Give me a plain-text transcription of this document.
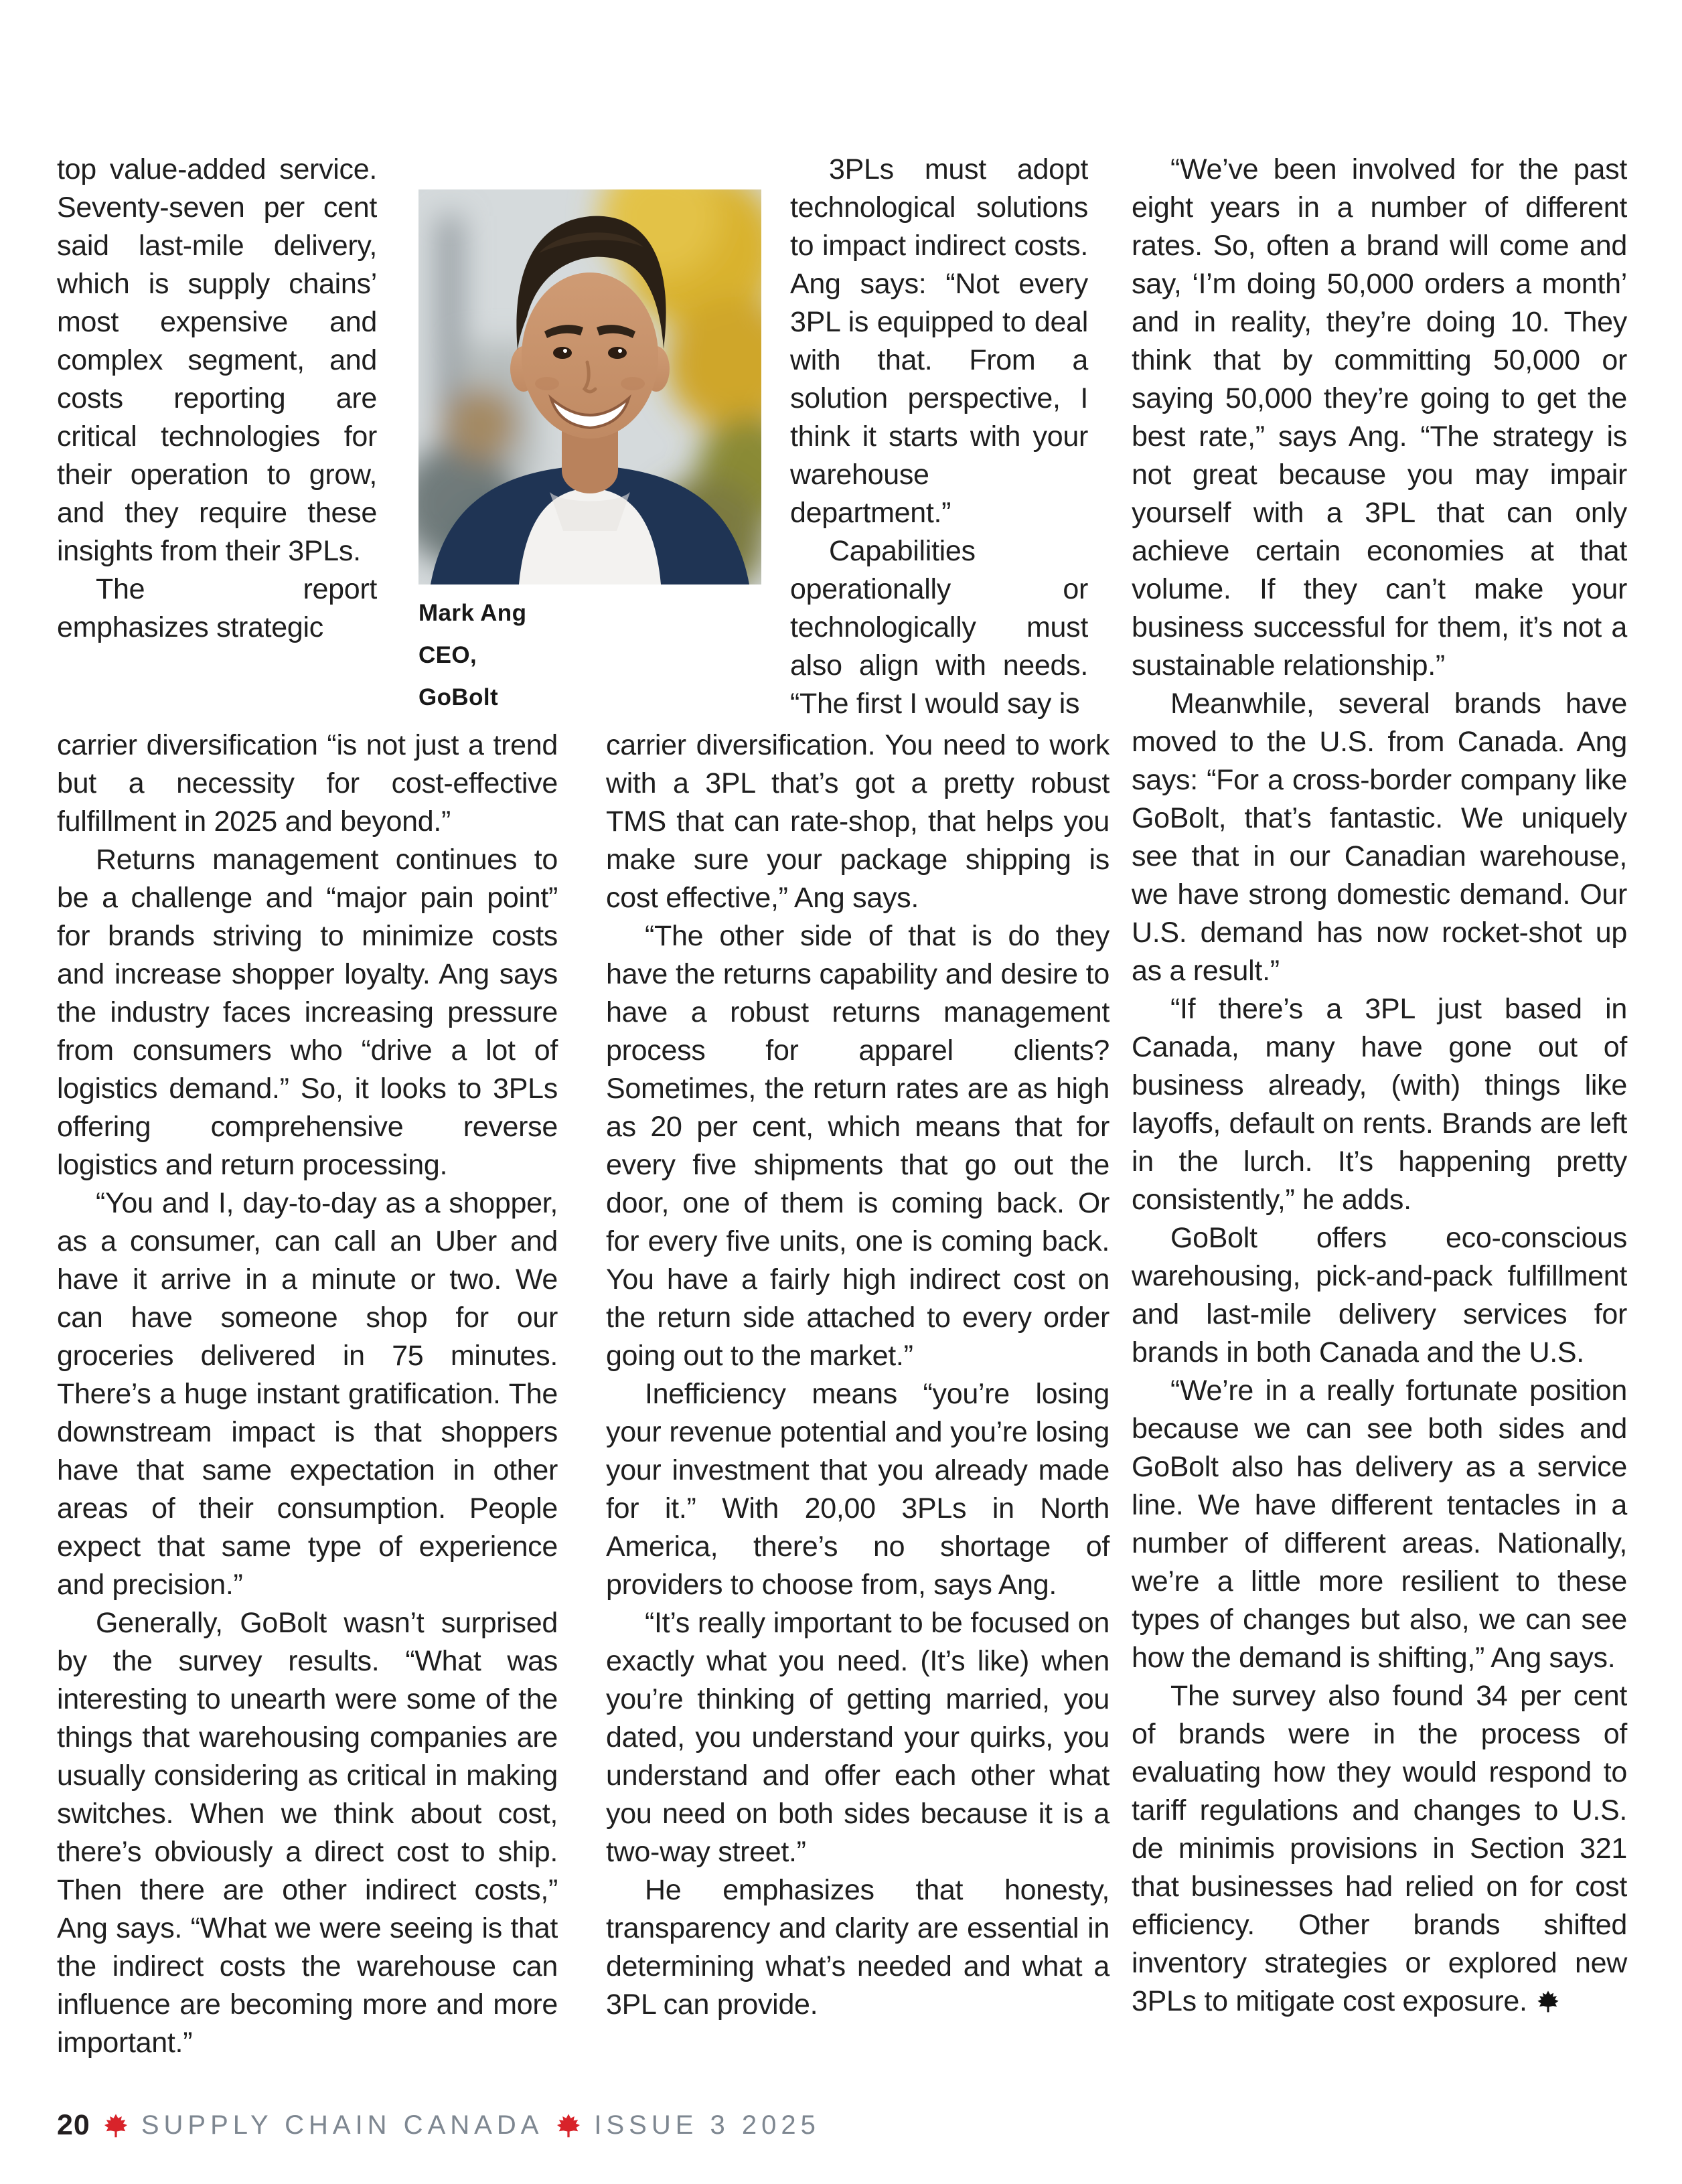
top value-added service. Seventy-seven per cent said last-mile delivery, which is supply chains’ most expensive and complex segment, and costs reporting are critical technologies for their operation to grow, and they require these insights from their 3PLs.

The report emphasizes strategic	Mark Ang
CEO,
GoBolt

3PLs must adopt technological solutions to impact indirect costs. Ang says: “Not every 3PL is equipped to deal with that. From a solution perspective, I think it starts with your warehouse department.”

Capabilities operationally or technologically must also align with needs. “The first I would say is

carrier diversification “is not just a trend but a necessity for cost-effective fulfillment in 2025 and beyond.”

Returns management continues to be a challenge and “major pain point” for brands striving to minimize costs and increase shopper loyalty. Ang says the industry faces increasing pressure from consumers who “drive a lot of logistics demand.” So, it looks to 3PLs offering comprehensive reverse logistics and return processing.

“You and I, day-to-day as a shopper, as a consumer, can call an Uber and have it arrive in a minute or two. We can have someone shop for our groceries delivered in 75 minutes. There’s a huge instant gratification. The downstream impact is that shoppers have that same expectation in other areas of their consumption. People expect that same type of experience and precision.”

Generally, GoBolt wasn’t surprised by the survey results. “What was interesting to unearth were some of the things that warehousing companies are usually considering as critical in making switches. When we think about cost, there’s obviously a direct cost to ship. Then there are other indirect costs,” Ang says. “What we were seeing is that the indirect costs the warehouse can influence are becoming more and more important.”

carrier diversification. You need to work with a 3PL that’s got a pretty robust TMS that can rate-shop, that helps you make sure your package shipping is cost effective,” Ang says.

“The other side of that is do they have the returns capability and desire to have a robust returns management process for apparel clients? Sometimes, the return rates are as high as 20 per cent, which means that for every five shipments that go out the door, one of them is coming back. Or for every five units, one is coming back. You have a fairly high indirect cost on the return side attached to every order going out to the market.”

Inefficiency means “you’re losing your revenue potential and you’re losing your investment that you already made for it.” With 20,00 3PLs in North America, there’s no shortage of providers to choose from, says Ang.

“It’s really important to be focused on exactly what you need. (It’s like) when you’re thinking of getting married, you dated, you understand your quirks, you understand and offer each other what you need on both sides because it is a two-way street.”

He emphasizes that honesty, transparency and clarity are essential in determining what’s needed and what a 3PL can provide.

“We’ve been involved for the past eight years in a number of different rates. So, often a brand will come and say, ‘I’m doing 50,000 orders a month’ and in reality, they’re doing 10. They think that by committing 50,000 or saying 50,000 they’re going to get the best rate,” says Ang. “The strategy is not great because you may impair yourself with a 3PL that can only achieve certain economies at that volume. If they can’t make your business successful for them, it’s not a sustainable relationship.”

Meanwhile, several brands have moved to the U.S. from Canada. Ang says: “For a cross-border company like GoBolt, that’s fantastic. We uniquely see that in our Canadian warehouse, we have strong domestic demand. Our U.S. demand has now rocket-shot up as a result.”

“If there’s a 3PL just based in Canada, many have gone out of business already, (with) things like layoffs, default on rents. Brands are left in the lurch. It’s happening pretty consistently,” he adds.

GoBolt offers eco-conscious warehousing, pick-and-pack fulfillment and last-mile delivery services for brands in both Canada and the U.S.

“We’re in a really fortunate position because we can see both sides and GoBolt also has delivery as a service line. We have different tentacles in a number of different areas. Nationally, we’re a little more resilient to these types of changes but also, we can see how the demand is shifting,” Ang says.

The survey also found 34 per cent of brands were in the process of evaluating how they would respond to tariff regulations and changes to U.S. de minimis provisions in Section 321 that businesses had relied on for cost efficiency. Other brands shifted inventory strategies or explored new 3PLs to mitigate cost exposure.

20 SUPPLY CHAIN CANADA ISSUE 3 2025
